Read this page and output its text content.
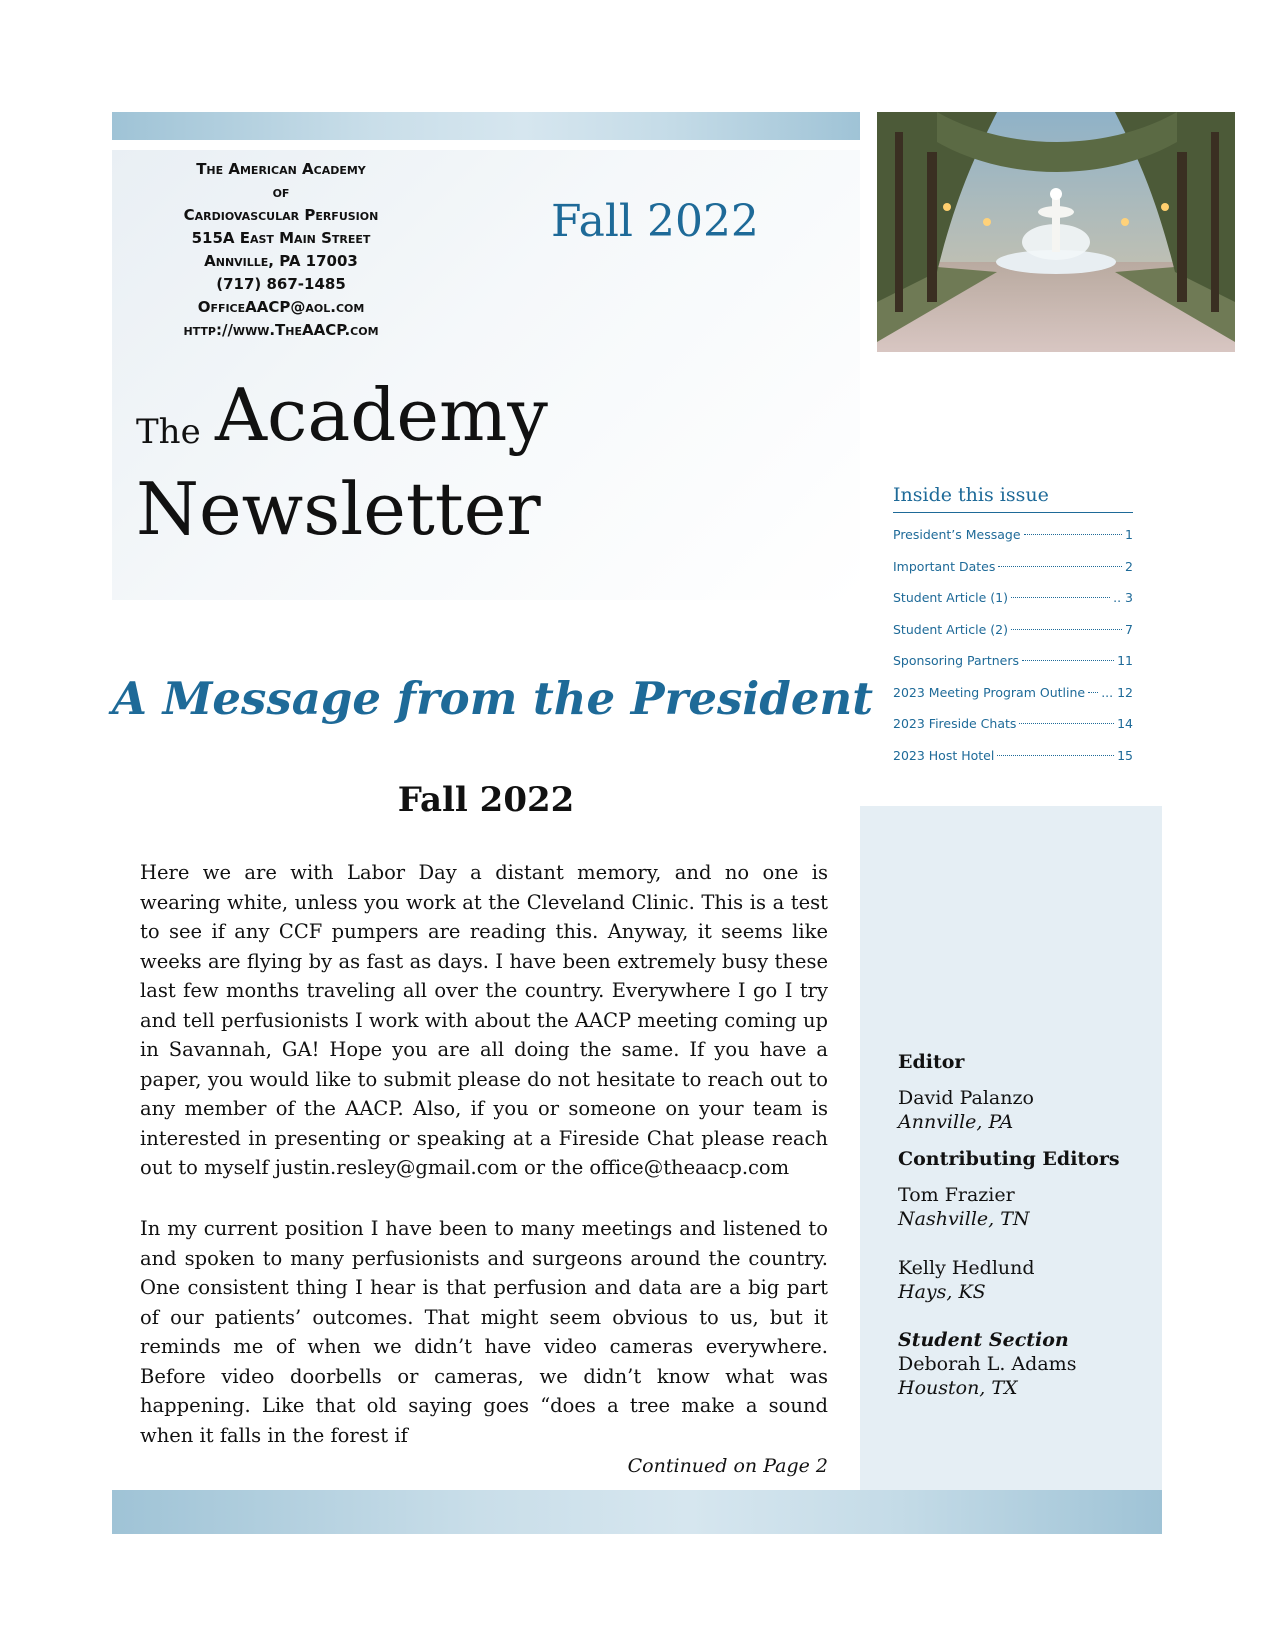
The American Academy
of
Cardiovascular Perfusion
515A East Main Street
Annville, PA 17003
(717) 867-1485
OfficeAACP@aol.com
http://www.TheAACP.com
Fall 2022
The Academy
Newsletter	Inside this issue
President’s Message	1
Important Dates	2
Student Article (1)	.. 3
Student Article (2)	7
Sponsoring Partners	11
2023 Meeting Program Outline ... 12
2023 Fireside Chats	14
2023 Host Hotel	15
Editor
David Palanzo
Annville, PA
Contributing Editors
Tom Frazier
Nashville, TN
Kelly Hedlund
Hays, KS
Student Section
Deborah L. Adams
Houston, TX
A Message from the President
Fall 2022

Here we are with Labor Day a distant memory, and no one is wearing white, unless you work at the Cleveland Clinic. This is a test to see if any CCF pumpers are reading this. Anyway, it seems like weeks are flying by as fast as days. I have been extremely busy these last few months traveling all over the country. Everywhere I go I try and tell perfusionists I work with about the AACP meeting coming up in Savannah, GA! Hope you are all doing the same. If you have a paper, you would like to submit please do not hesitate to reach out to any member of the AACP. Also, if you or someone on your team is interested in presenting or speaking at a Fireside Chat please reach out to myself justin.resley@gmail.com or the office@theaacp.com

In my current position I have been to many meetings and listened to and spoken to many perfusionists and surgeons around the country. One consistent thing I hear is that perfusion and data are a big part of our patients’ outcomes. That might seem obvious to us, but it reminds me of when we didn’t have video cameras everywhere. Before video doorbells or cameras, we didn’t know what was happening. Like that old saying goes “does a tree make a sound when it falls in the forest if

Continued on Page 2
